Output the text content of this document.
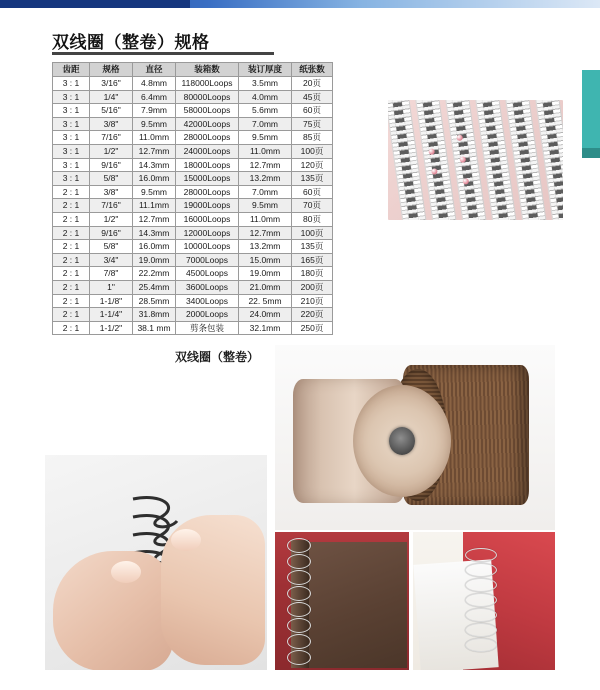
双线圈（整卷）规格
齿距	规格	直径	装箱数	装订厚度	纸张数
3 : 1	3/16"	4.8mm	118000Loops	3.5mm	20页
3 : 1	1/4"	6.4mm	80000Loops	4.0mm	45页
3 : 1	5/16"	7.9mm	58000Loops	5.6mm	60页
3 : 1	3/8"	9.5mm	42000Loops	7.0mm	75页
3 : 1	7/16"	11.0mm	28000Loops	9.5mm	85页
3 : 1	1/2"	12.7mm	24000Loops	11.0mm	100页
3 : 1	9/16"	14.3mm	18000Loops	12.7mm	120页
3 : 1	5/8"	16.0mm	15000Loops	13.2mm	135页
2 : 1	3/8"	9.5mm	28000Loops	7.0mm	60页
2 : 1	7/16"	11.1mm	19000Loops	9.5mm	70页
2 : 1	1/2"	12.7mm	16000Loops	11.0mm	80页
2 : 1	9/16"	14.3mm	12000Loops	12.7mm	100页
2 : 1	5/8"	16.0mm	10000Loops	13.2mm	135页
2 : 1	3/4"	19.0mm	7000Loops	15.0mm	165页
2 : 1	7/8"	22.2mm	4500Loops	19.0mm	180页
2 : 1	1"	25.4mm	3600Loops	21.0mm	200页
2 : 1	1-1/8"	28.5mm	3400Loops	22. 5mm	210页
2 : 1	1-1/4"	31.8mm	2000Loops	24.0mm	220页
2 : 1	1-1/2"	38.1 mm	剪条包装	32.1mm	250页
双线圈（整卷）
